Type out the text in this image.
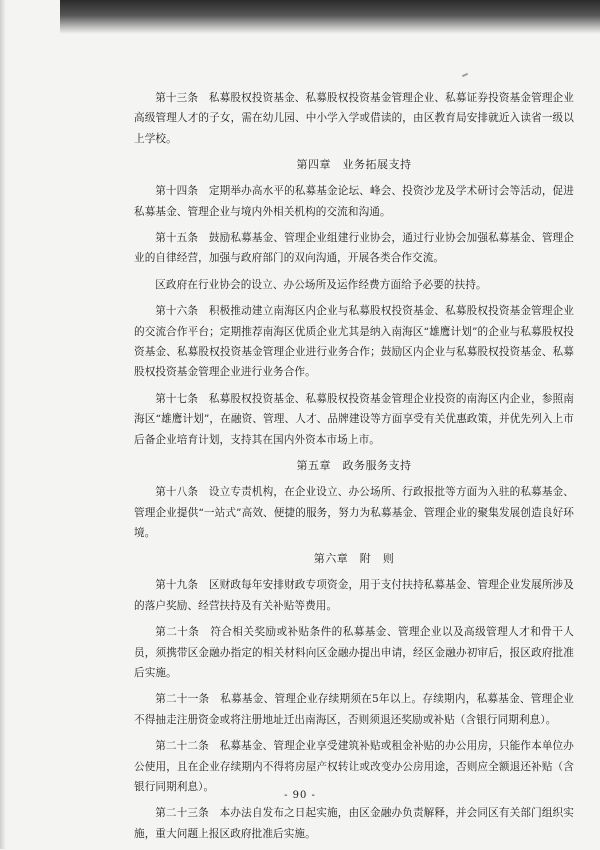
第十三条　私募股权投资基金、私募股权投资基金管理企业、私募证券投资基金管理企业高级管理人才的子女，需在幼儿园、中小学入学或借读的，由区教育局安排就近入读省一级以上学校。

第四章　业务拓展支持

第十四条　定期举办高水平的私募基金论坛、峰会、投资沙龙及学术研讨会等活动，促进私募基金、管理企业与境内外相关机构的交流和沟通。

第十五条　鼓励私募基金、管理企业组建行业协会，通过行业协会加强私募基金、管理企业的自律经营，加强与政府部门的双向沟通，开展各类合作交流。

区政府在行业协会的设立、办公场所及运作经费方面给予必要的扶持。

第十六条　积极推动建立南海区内企业与私募股权投资基金、私募股权投资基金管理企业的交流合作平台；定期推荐南海区优质企业尤其是纳入南海区“雄鹰计划”的企业与私募股权投资基金、私募股权投资基金管理企业进行业务合作；鼓励区内企业与私募股权投资基金、私募股权投资基金管理企业进行业务合作。

第十七条　私募股权投资基金、私募股权投资基金管理企业投资的南海区内企业，参照南海区“雄鹰计划”，在融资、管理、人才、品牌建设等方面享受有关优惠政策，并优先列入上市后备企业培育计划，支持其在国内外资本市场上市。

第五章　政务服务支持

第十八条　设立专责机构，在企业设立、办公场所、行政报批等方面为入驻的私募基金、管理企业提供“一站式”高效、便捷的服务，努力为私募基金、管理企业的聚集发展创造良好环境。

第六章　附　则

第十九条　区财政每年安排财政专项资金，用于支付扶持私募基金、管理企业发展所涉及的落户奖励、经营扶持及有关补贴等费用。

第二十条　符合相关奖励或补贴条件的私募基金、管理企业以及高级管理人才和骨干人员，须携带区金融办指定的相关材料向区金融办提出申请，经区金融办初审后，报区政府批准后实施。

第二十一条　私募基金、管理企业存续期须在5年以上。存续期内，私募基金、管理企业不得抽走注册资金或将注册地址迁出南海区，否则须退还奖励或补贴（含银行同期利息）。

第二十二条　私募基金、管理企业享受建筑补贴或租金补贴的办公用房，只能作本单位办公使用，且在企业存续期内不得将房屋产权转让或改变办公房用途，否则应全额退还补贴（含银行同期利息）。

第二十三条　本办法自发布之日起实施，由区金融办负责解释，并会同区有关部门组织实施，重大问题上报区政府批准后实施。

- 90 -
